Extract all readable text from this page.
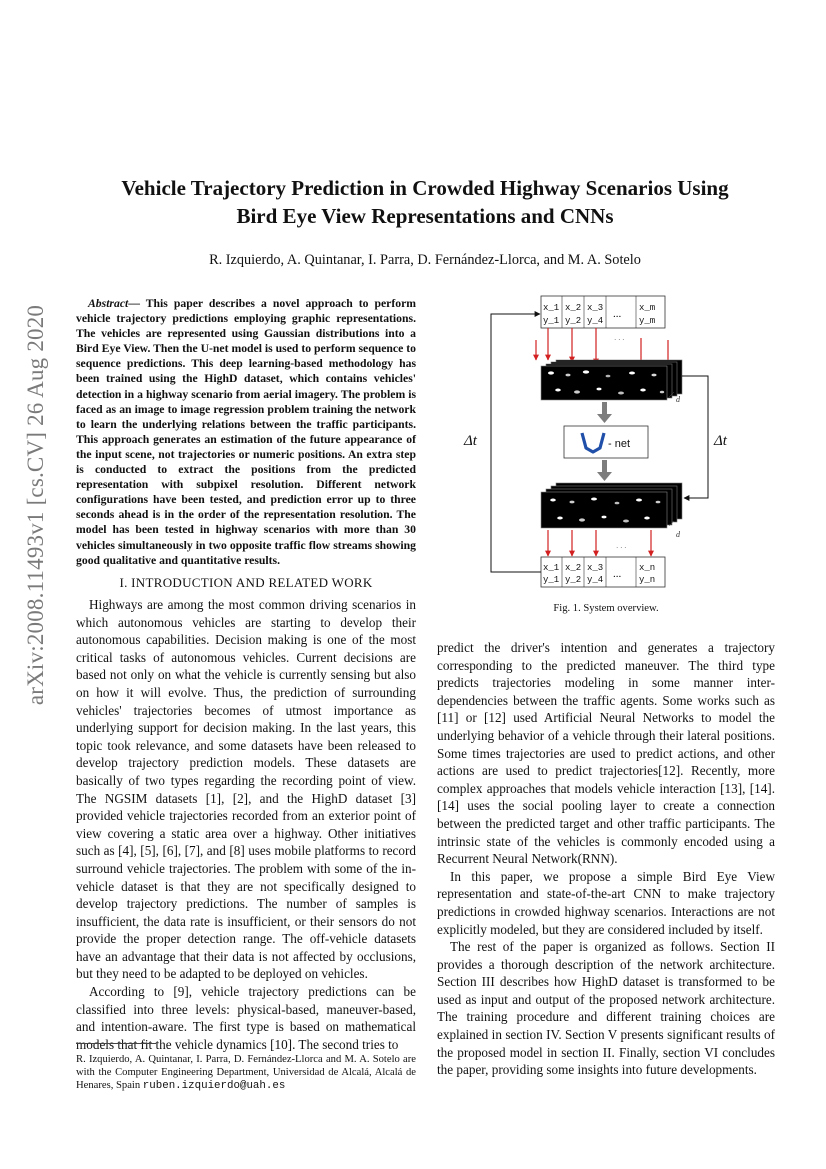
arXiv:2008.11493v1 [cs.CV] 26 Aug 2020
Vehicle Trajectory Prediction in Crowded Highway Scenarios Using
Bird Eye View Representations and CNNs
R. Izquierdo, A. Quintanar, I. Parra, D. Fernández-Llorca, and M. A. Sotelo

Abstract— This paper describes a novel approach to perform vehicle trajectory predictions employing graphic representations. The vehicles are represented using Gaussian distributions into a Bird Eye View. Then the U-net model is used to perform sequence to sequence predictions. This deep learning-based methodology has been trained using the HighD dataset, which contains vehicles' detection in a highway scenario from aerial imagery. The problem is faced as an image to image regression problem training the network to learn the underlying relations between the traffic participants. This approach generates an estimation of the future appearance of the input scene, not trajectories or numeric positions. An extra step is conducted to extract the positions from the predicted representation with subpixel resolution. Different network configurations have been tested, and prediction error up to three seconds ahead is in the order of the representation resolution. The model has been tested in highway scenarios with more than 30 vehicles simultaneously in two opposite traffic flow streams showing good qualitative and quantitative results.

I. INTRODUCTION AND RELATED WORK

Highways are among the most common driving scenarios in which autonomous vehicles are starting to develop their autonomous capabilities. Decision making is one of the most critical tasks of autonomous vehicles. Current decisions are based not only on what the vehicle is currently sensing but also on how it will evolve. Thus, the prediction of surrounding vehicles' trajectories becomes of utmost importance as underlying support for decision making. In the last years, this topic took relevance, and some datasets have been released to develop trajectory prediction models. These datasets are basically of two types regarding the recording point of view. The NGSIM datasets [1], [2], and the HighD dataset [3] provided vehicle trajectories recorded from an exterior point of view covering a static area over a highway. Other initiatives such as [4], [5], [6], [7], and [8] uses mobile platforms to record surround vehicle trajectories. The problem with some of the in-vehicle dataset is that they are not specifically designed to develop trajectory predictions. The number of samples is insufficient, the data rate is insufficient, or their sensors do not provide the proper detection range. The off-vehicle datasets have an advantage that their data is not affected by occlusions, but they need to be adapted to be deployed on vehicles.

According to [9], vehicle trajectory predictions can be classified into three levels: physical-based, maneuver-based, and intention-aware. The first type is based on mathematical models that fit the vehicle dynamics [10]. The second tries to

R. Izquierdo, A. Quintanar, I. Parra, D. Fernández-Llorca and M. A. Sotelo are with the Computer Engineering Department, Universidad de Alcalá, Alcalá de Henares, Spain ruben.izquierdo@uah.es

predict the driver's intention and generates a trajectory corresponding to the predicted maneuver. The third type predicts trajectories modeling in some manner inter-dependencies between the traffic agents. Some works such as [11] or [12] used Artificial Neural Networks to model the underlying behavior of a vehicle through their lateral positions. Some times trajectories are used to predict actions, and other actions are used to predict trajectories[12]. Recently, more complex approaches that models vehicle interaction [13], [14]. [14] uses the social pooling layer to create a connection between the predicted target and other traffic participants. The intrinsic state of the vehicles is commonly encoded using a Recurrent Neural Network(RNN).

In this paper, we propose a simple Bird Eye View representation and state-of-the-art CNN to make trajectory predictions in crowded highway scenarios. Interactions are not explicitly modeled, but they are considered included by itself.

The rest of the paper is organized as follows. Section II provides a thorough description of the network architecture. Section III describes how HighD dataset is transformed to be used as input and output of the proposed network architecture. The training procedure and different training choices are explained in section IV. Section V presents significant results of the proposed model in section II. Finally, section VI concludes the paper, providing some insights into future developments.

x_1 x_2 x_3	x_m
y_1 y_2 y_4	y_m
...
· · ·
d
- net
d
· · ·
x_1 x_2 x_3	x_n
y_1 y_2 y_4	y_n
...
Δt	Δt
Fig. 1. System overview.
